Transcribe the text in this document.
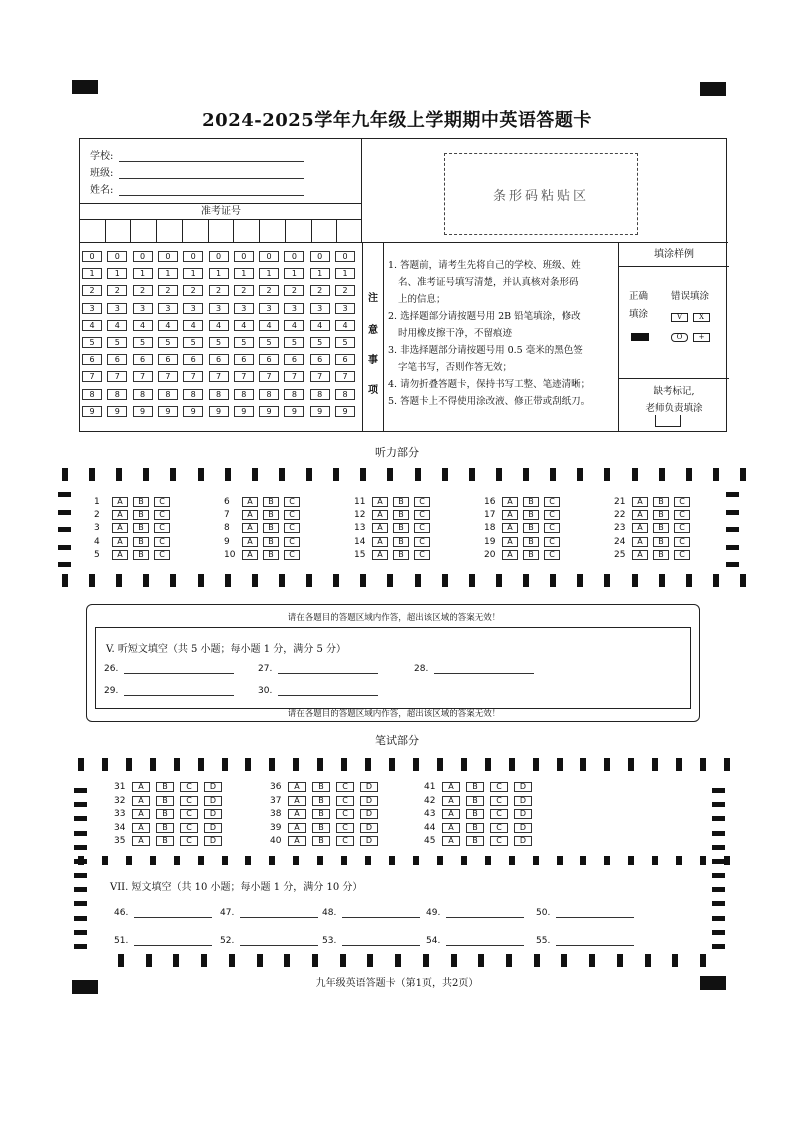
2024-2025学年九年级上学期期中英语答题卡
学校:
班级:
姓名:
准考证号
条形码粘贴区
0	0	0	0	0	0	0	0	0	0	0
1	1	1	1	1	1	1	1	1	1	1
2	2	2	2	2	2	2	2	2	2	2
3	3	3	3	3	3	3	3	3	3	3
4	4	4	4	4	4	4	4	4	4	4
5	5	5	5	5	5	5	5	5	5	5
6	6	6	6	6	6	6	6	6	6	6
7	7	7	7	7	7	7	7	7	7	7
8	8	8	8	8	8	8	8	8	8	8
9	9	9	9	9	9	9	9	9	9	9
注
意
事
项

1. 答题前，请考生先将自己的学校、班级、姓

名、准考证号填写清楚，并认真核对条形码

上的信息；

2. 选择题部分请按题号用 2B 铅笔填涂，修改

时用橡皮擦干净，不留痕迹

3. 非选择题部分请按题号用 0.5 毫米的黑色签

字笔书写，否则作答无效；

4. 请勿折叠答题卡，保持书写工整、笔迹清晰；

5. 答题卡上不得使用涂改液、修正带或刮纸刀。

填涂样例
正确
填涂
错误填涂
V	X
O	+
缺考标记,
老师负责填涂
听力部分
1	A	B	C
2	A	B	C
3	A	B	C
4	A	B	C
5	A	B	C
6	A	B	C
7	A	B	C
8	A	B	C
9	A	B	C
10	A	B	C
11	A	B	C
12	A	B	C
13	A	B	C
14	A	B	C
15	A	B	C
16	A	B	C
17	A	B	C
18	A	B	C
19	A	B	C
20	A	B	C
21	A	B	C
22	A	B	C
23	A	B	C
24	A	B	C
25	A	B	C
请在各题目的答题区域内作答，超出该区域的答案无效！
V. 听短文填空（共 5 小题；每小题 1 分，满分 5 分）
26.	27.	28.
29.	30.
请在各题目的答题区域内作答，超出该区域的答案无效！
笔试部分
31	A	B	C	D
32	A	B	C	D
33	A	B	C	D
34	A	B	C	D
35	A	B	C	D
36	A	B	C	D
37	A	B	C	D
38	A	B	C	D
39	A	B	C	D
40	A	B	C	D
41	A	B	C	D
42	A	B	C	D
43	A	B	C	D
44	A	B	C	D
45	A	B	C	D
VII. 短文填空（共 10 小题；每小题 1 分，满分 10 分）
46.	47.	48.	49.	50.
51.	52.	53.	54.	55.
九年级英语答题卡（第1页，共2页）
